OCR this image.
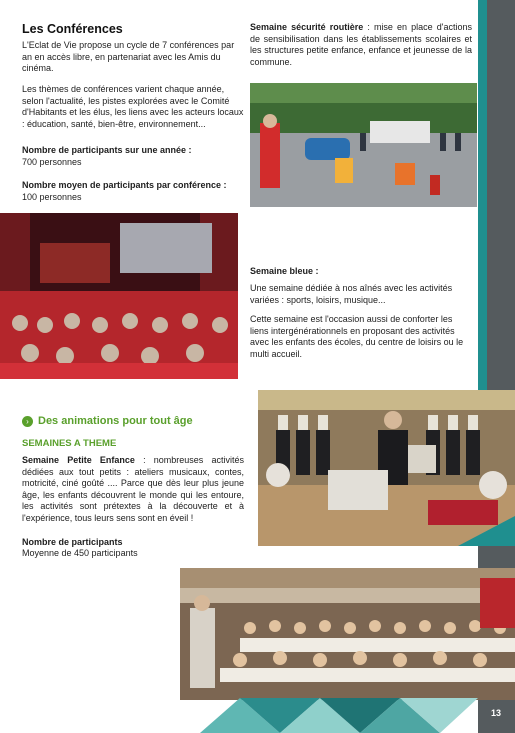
Les Conférences
L'Eclat de Vie propose un cycle de 7 conférences par an en accès libre, en partenariat avec les Amis du cinéma.
Les thèmes de conférences varient chaque année, selon l'actualité, les pistes explorées avec le Comité d'Habitants et les élus, les liens avec les acteurs locaux : éducation, santé, bien-être, environnement...
Nombre de participants sur une année :
700 personnes
Nombre moyen de participants par conférence :
100 personnes
Semaine sécurité routière : mise en place d'actions de sensibilisation dans les établissements scolaires et les structures petite enfance, enfance et jeunesse de la commune.
Semaine bleue :
Une semaine dédiée à nos aînés avec les activités variées : sports, loisirs, musique...
Cette semaine est l'occasion aussi de conforter les liens intergénérationnels en proposant des activités avec les enfants des écoles, du centre de loisirs ou le multi accueil.
› Des animations pour tout âge
SEMAINES A THEME
Semaine Petite Enfance : nombreuses activités dédiées aux tout petits : ateliers musicaux, contes, motricité, ciné goûté .... Parce que dès leur plus jeune âge, les enfants découvrent le monde qui les entoure, les activités sont prétextes à la découverte et à l'expérience, tous leurs sens sont en éveil !
Nombre de participants
Moyenne de 450 participants
13
